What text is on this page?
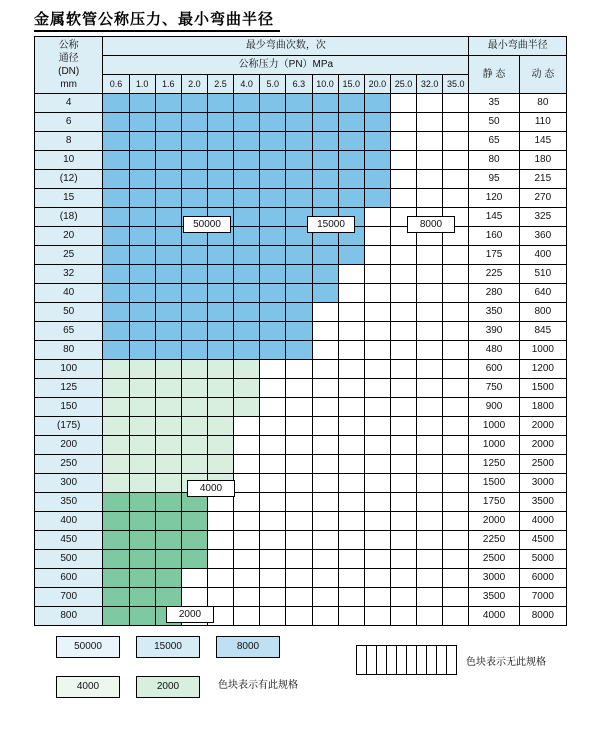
金属软管公称压力、最小弯曲半径
公称
通径
(DN)
mm	最少弯曲次数，次														最小弯曲半径	
	公称压力（PN）MPa														静 态	动 态
	0.6	1.0	1.6	2.0	2.5	4.0	5.0	6.3	10.0	15.0	20.0	25.0	32.0	35.0		
4															35	80
6															50	110
8															65	145
10															80	180
(12)															95	215
15															120	270
(18)															145	325
20															160	360
25															175	400
32															225	510
40															280	640
50															350	800
65															390	845
80															480	1000
100															600	1200
125															750	1500
150															900	1800
(175)															1000	2000
200															1000	2000
250															1250	2500
300															1500	3000
350															1750	3500
400															2000	4000
450															2250	4500
500															2500	5000
600															3000	6000
700															3500	7000
800															4000	8000
50000	15000	8000
4000
2000
50000	15000	8000
4000	2000	色块表示有此规格

色块表示无此规格
